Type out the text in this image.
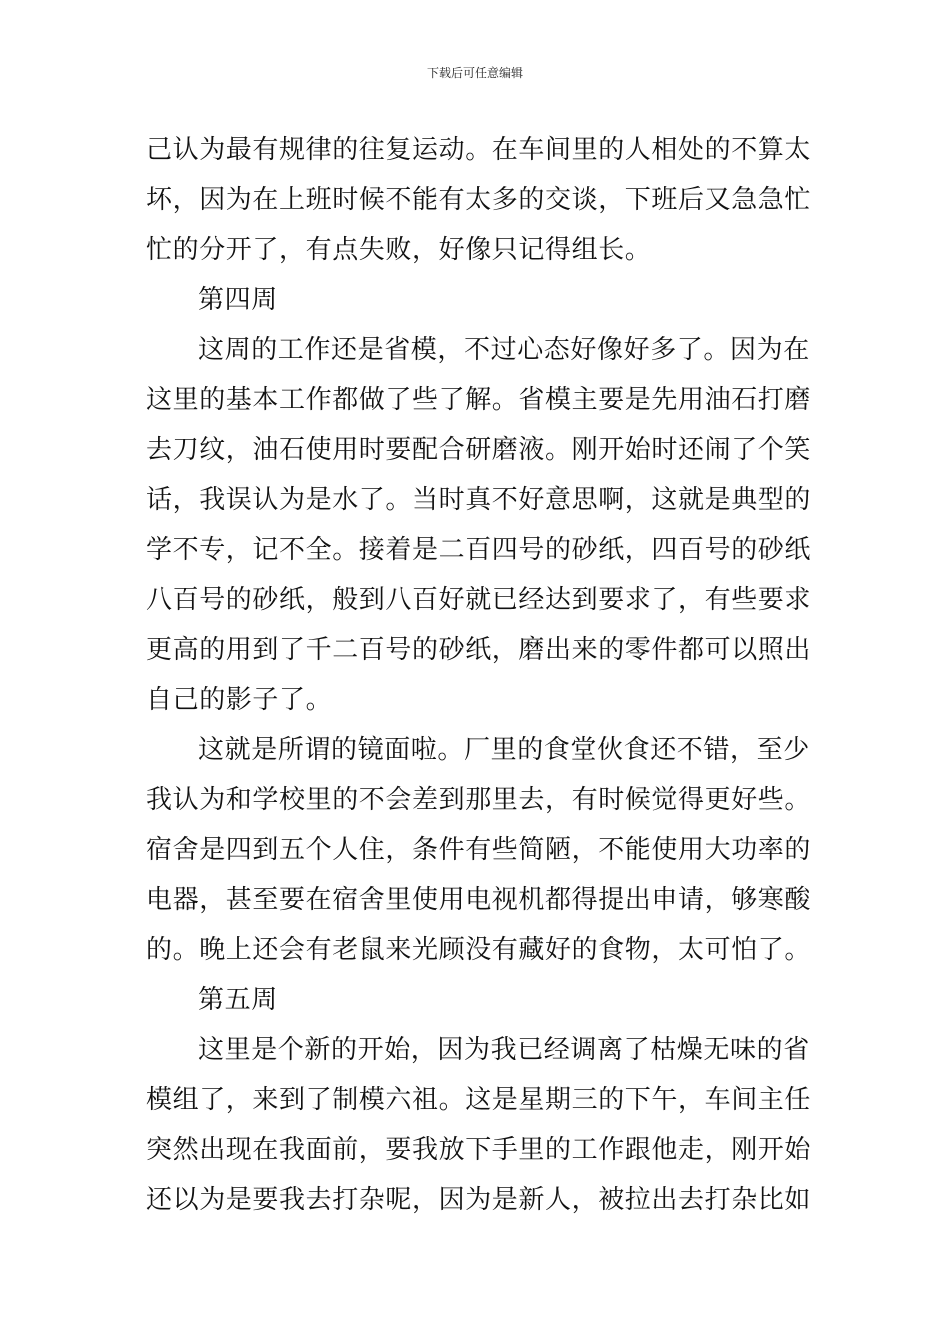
下载后可任意编辑
己认为最有规律的往复运动。在车间里的人相处的不算太
坏，因为在上班时候不能有太多的交谈，下班后又急急忙
忙的分开了，有点失败，好像只记得组长。
第四周
这周的工作还是省模，不过心态好像好多了。因为在
这里的基本工作都做了些了解。省模主要是先用油石打磨
去刀纹，油石使用时要配合研磨液。刚开始时还闹了个笑
话，我误认为是水了。当时真不好意思啊，这就是典型的
学不专，记不全。接着是二百四号的砂纸，四百号的砂纸
八百号的砂纸，般到八百好就已经达到要求了，有些要求
更高的用到了千二百号的砂纸，磨出来的零件都可以照出
自己的影子了。
这就是所谓的镜面啦。厂里的食堂伙食还不错，至少
我认为和学校里的不会差到那里去，有时候觉得更好些。
宿舍是四到五个人住，条件有些简陋，不能使用大功率的
电器，甚至要在宿舍里使用电视机都得提出申请，够寒酸
的。晚上还会有老鼠来光顾没有藏好的食物，太可怕了。
第五周
这里是个新的开始，因为我已经调离了枯燥无味的省
模组了，来到了制模六祖。这是星期三的下午，车间主任
突然出现在我面前，要我放下手里的工作跟他走，刚开始
还以为是要我去打杂呢，因为是新人，被拉出去打杂比如
